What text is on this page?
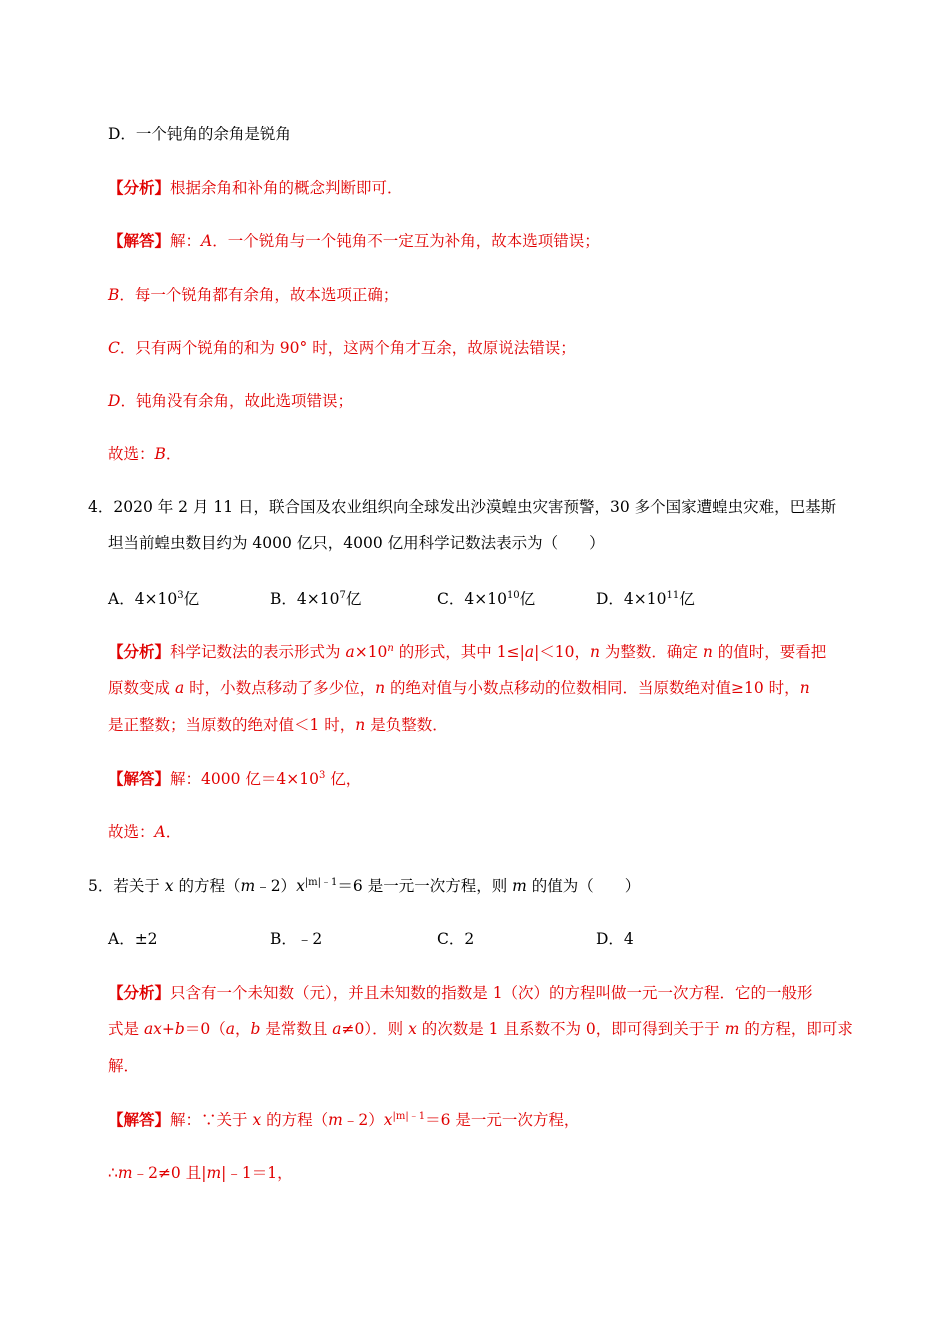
D．一个钝角的余角是锐角
【分析】根据余角和补角的概念判断即可．
【解答】解：A．一个锐角与一个钝角不一定互为补角，故本选项错误；
B．每一个锐角都有余角，故本选项正确；
C．只有两个锐角的和为 90° 时，这两个角才互余，故原说法错误；
D．钝角没有余角，故此选项错误；
故选：B．
4．2020 年 2 月 11 日，联合国及农业组织向全球发出沙漠蝗虫灾害预警，30 多个国家遭蝗虫灾难，巴基斯
坦当前蝗虫数目约为 4000 亿只，4000 亿用科学记数法表示为（　　）
A．$4\times 10^3$亿	B．$4\times 10^7$亿	C．$4\times 10^{10}$亿	D．$4\times 10^{11}$亿
【分析】科学记数法的表示形式为 $a\times 10^n$ 的形式，其中 1≤|a|＜10，n 为整数．确定 n 的值时，要看把
原数变成 a 时，小数点移动了多少位，n 的绝对值与小数点移动的位数相同．当原数绝对值≥10 时，n
是正整数；当原数的绝对值＜1 时，n 是负整数．
【解答】解：4000 亿$=4\times 10^3$ 亿，
故选：A．
5．若关于 x 的方程$(m﹣2)x^{|m|﹣1}=6$ 是一元一次方程，则 m 的值为（　　）
A．±2	B．﹣2	C．2	D．4
【分析】只含有一个未知数（元），并且未知数的指数是 1（次）的方程叫做一元一次方程．它的一般形
式是 ax+b＝0（a，b 是常数且 a≠0）．则 x 的次数是 1 且系数不为 0，即可得到关于于 m 的方程，即可求
解．
【解答】解：∵关于 x 的方程$(m﹣2)x^{|m|﹣1}=6$ 是一元一次方程，
∴m﹣2≠0 且|m|﹣1＝1，
